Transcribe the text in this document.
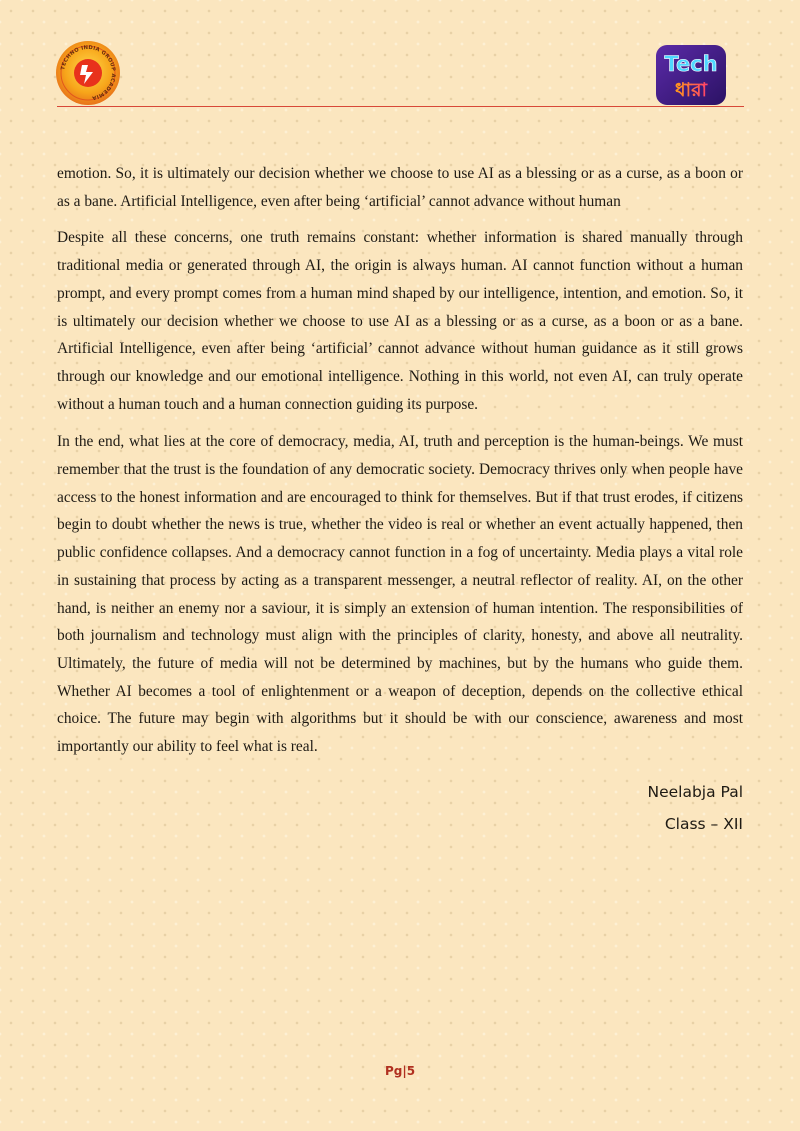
TECHNO INDIA GROUP ACADEMIA
Tech
ধারা

emotion. So, it is ultimately our decision whether we choose to use AI as a blessing or as a curse, as a boon or as a bane. Artificial Intelligence, even after being ‘artificial’ cannot advance without human

Despite all these concerns, one truth remains constant: whether information is shared manually through traditional media or generated through AI, the origin is always human. AI cannot function without a human prompt, and every prompt comes from a human mind shaped by our intelligence, intention, and emotion. So, it is ultimately our decision whether we choose to use AI as a blessing or as a curse, as a boon or as a bane. Artificial Intelligence, even after being ‘artificial’ cannot advance without human guidance as it still grows through our knowledge and our emotional intelligence. Nothing in this world, not even AI, can truly operate without a human touch and a human connection guiding its purpose.

In the end, what lies at the core of democracy, media, AI, truth and perception is the human-beings. We must remember that the trust is the foundation of any democratic society. Democracy thrives only when people have access to the honest information and are encouraged to think for themselves. But if that trust erodes, if citizens begin to doubt whether the news is true, whether the video is real or whether an event actually happened, then public confidence collapses. And a democracy cannot function in a fog of uncertainty. Media plays a vital role in sustaining that process by acting as a transparent messenger, a neutral reflector of reality. AI, on the other hand, is neither an enemy nor a saviour, it is simply an extension of human intention. The responsibilities of both journalism and technology must align with the principles of clarity, honesty, and above all neutrality. Ultimately, the future of media will not be determined by machines, but by the humans who guide them. Whether AI becomes a tool of enlightenment or a weapon of deception, depends on the collective ethical choice. The future may begin with algorithms but it should be with our conscience, awareness and most importantly our ability to feel what is real.

Neelabja Pal
Class – XII
Pg|5
